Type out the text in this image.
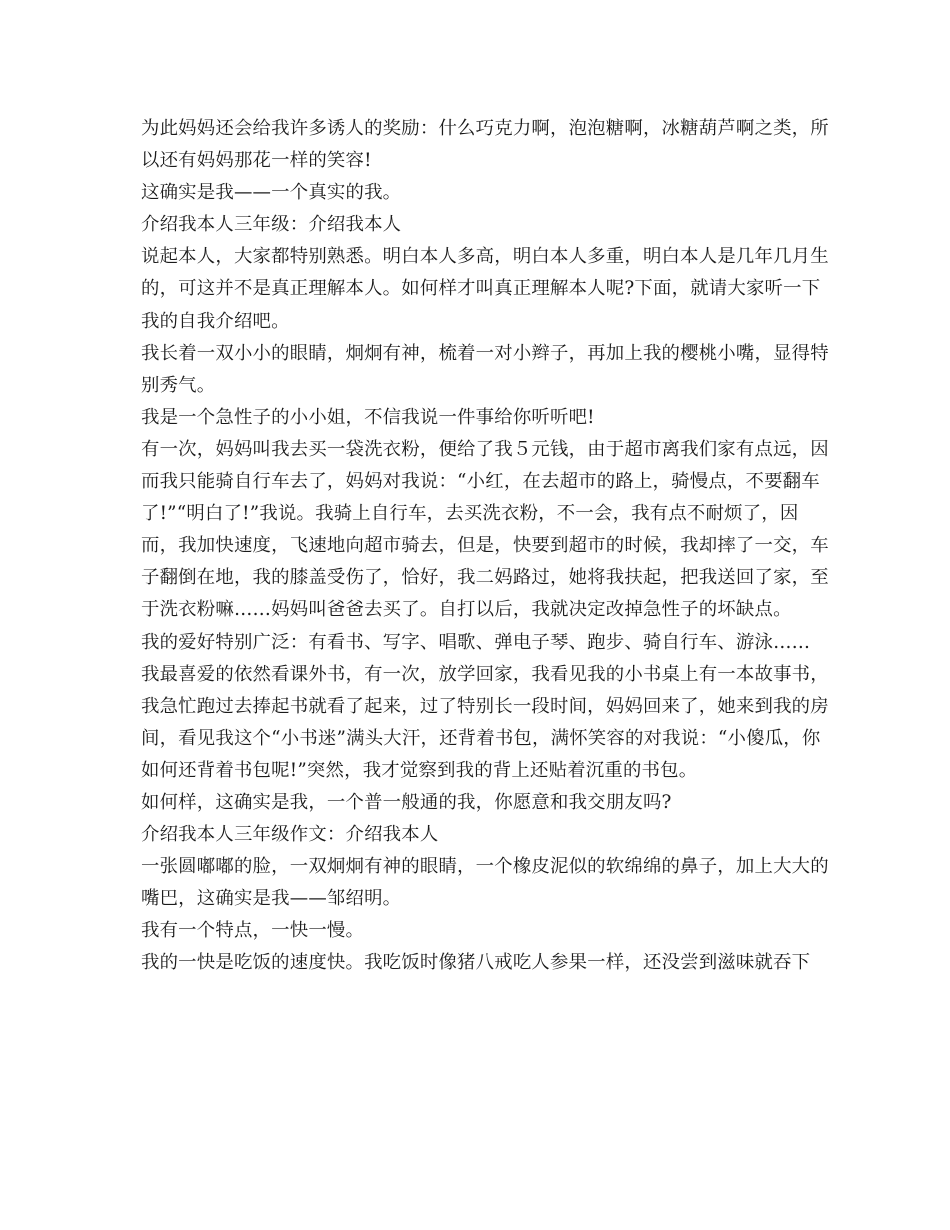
为此妈妈还会给我许多诱人的奖励：什么巧克力啊，泡泡糖啊，冰糖葫芦啊之类，所以还有妈妈那花一样的笑容!

这确实是我——一个真实的我。

介绍我本人三年级：介绍我本人

说起本人，大家都特别熟悉。明白本人多高，明白本人多重，明白本人是几年几月生的，可这并不是真正理解本人。如何样才叫真正理解本人呢?下面，就请大家听一下我的自我介绍吧。

我长着一双小小的眼睛，炯炯有神，梳着一对小辫子，再加上我的樱桃小嘴，显得特别秀气。

我是一个急性子的小小姐，不信我说一件事给你听听吧!

有一次，妈妈叫我去买一袋洗衣粉，便给了我５元钱，由于超市离我们家有点远，因而我只能骑自行车去了，妈妈对我说：“小红，在去超市的路上，骑慢点，不要翻车了!”“明白了!”我说。我骑上自行车，去买洗衣粉，不一会，我有点不耐烦了，因而，我加快速度，飞速地向超市骑去，但是，快要到超市的时候，我却摔了一交，车子翻倒在地，我的膝盖受伤了，恰好，我二妈路过，她将我扶起，把我送回了家，至于洗衣粉嘛……妈妈叫爸爸去买了。自打以后，我就决定改掉急性子的坏缺点。

我的爱好特别广泛：有看书、写字、唱歌、弹电子琴、跑步、骑自行车、游泳……

我最喜爱的依然看课外书，有一次，放学回家，我看见我的小书桌上有一本故事书，我急忙跑过去捧起书就看了起来，过了特别长一段时间，妈妈回来了，她来到我的房间，看见我这个“小书迷”满头大汗，还背着书包，满怀笑容的对我说：“小傻瓜，你如何还背着书包呢!”突然，我才觉察到我的背上还贴着沉重的书包。

如何样，这确实是我，一个普一般通的我，你愿意和我交朋友吗?

介绍我本人三年级作文：介绍我本人

一张圆嘟嘟的脸，一双炯炯有神的眼睛，一个橡皮泥似的软绵绵的鼻子，加上大大的嘴巴，这确实是我——邹绍明。

我有一个特点，一快一慢。

我的一快是吃饭的速度快。我吃饭时像猪八戒吃人参果一样，还没尝到滋味就吞下
